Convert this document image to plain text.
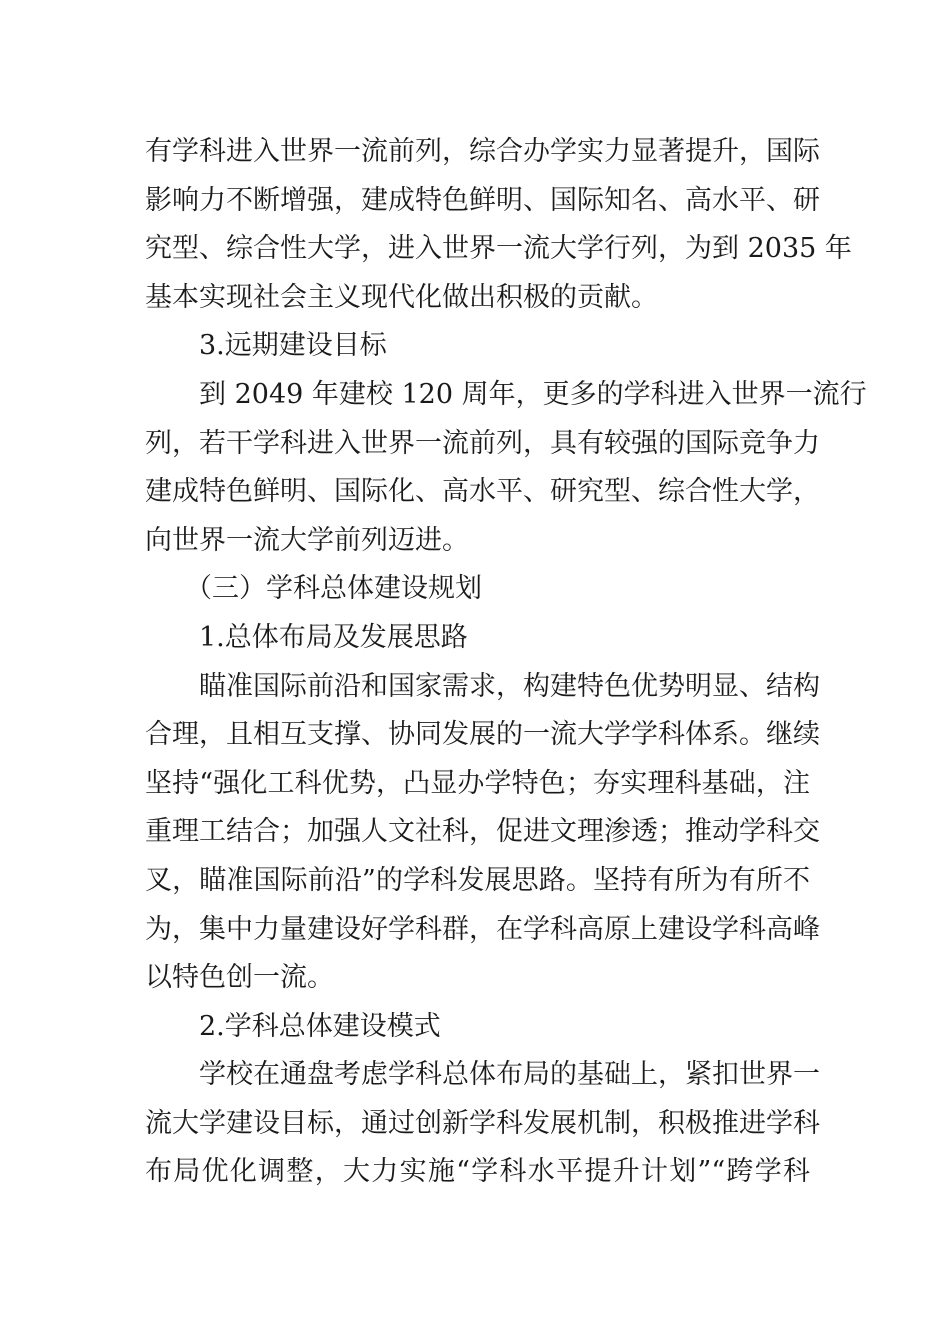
有学科进入世界一流前列，综合办学实力显著提升，国际
影响力不断增强，建成特色鲜明、国际知名、高水平、研
究型、综合性大学，进入世界一流大学行列，为到 2035 年
基本实现社会主义现代化做出积极的贡献。
3.远期建设目标
到 2049 年建校 120 周年，更多的学科进入世界一流行
列，若干学科进入世界一流前列，具有较强的国际竞争力
建成特色鲜明、国际化、高水平、研究型、综合性大学，
向世界一流大学前列迈进。
（三）学科总体建设规划
1.总体布局及发展思路
瞄准国际前沿和国家需求，构建特色优势明显、结构
合理，且相互支撑、协同发展的一流大学学科体系。继续
坚持“强化工科优势，凸显办学特色；夯实理科基础，注
重理工结合；加强人文社科，促进文理渗透；推动学科交
叉，瞄准国际前沿”的学科发展思路。坚持有所为有所不
为，集中力量建设好学科群，在学科高原上建设学科高峰
以特色创一流。
2.学科总体建设模式
学校在通盘考虑学科总体布局的基础上，紧扣世界一
流大学建设目标，通过创新学科发展机制，积极推进学科
布局优化调整，大力实施“学科水平提升计划”“跨学科
